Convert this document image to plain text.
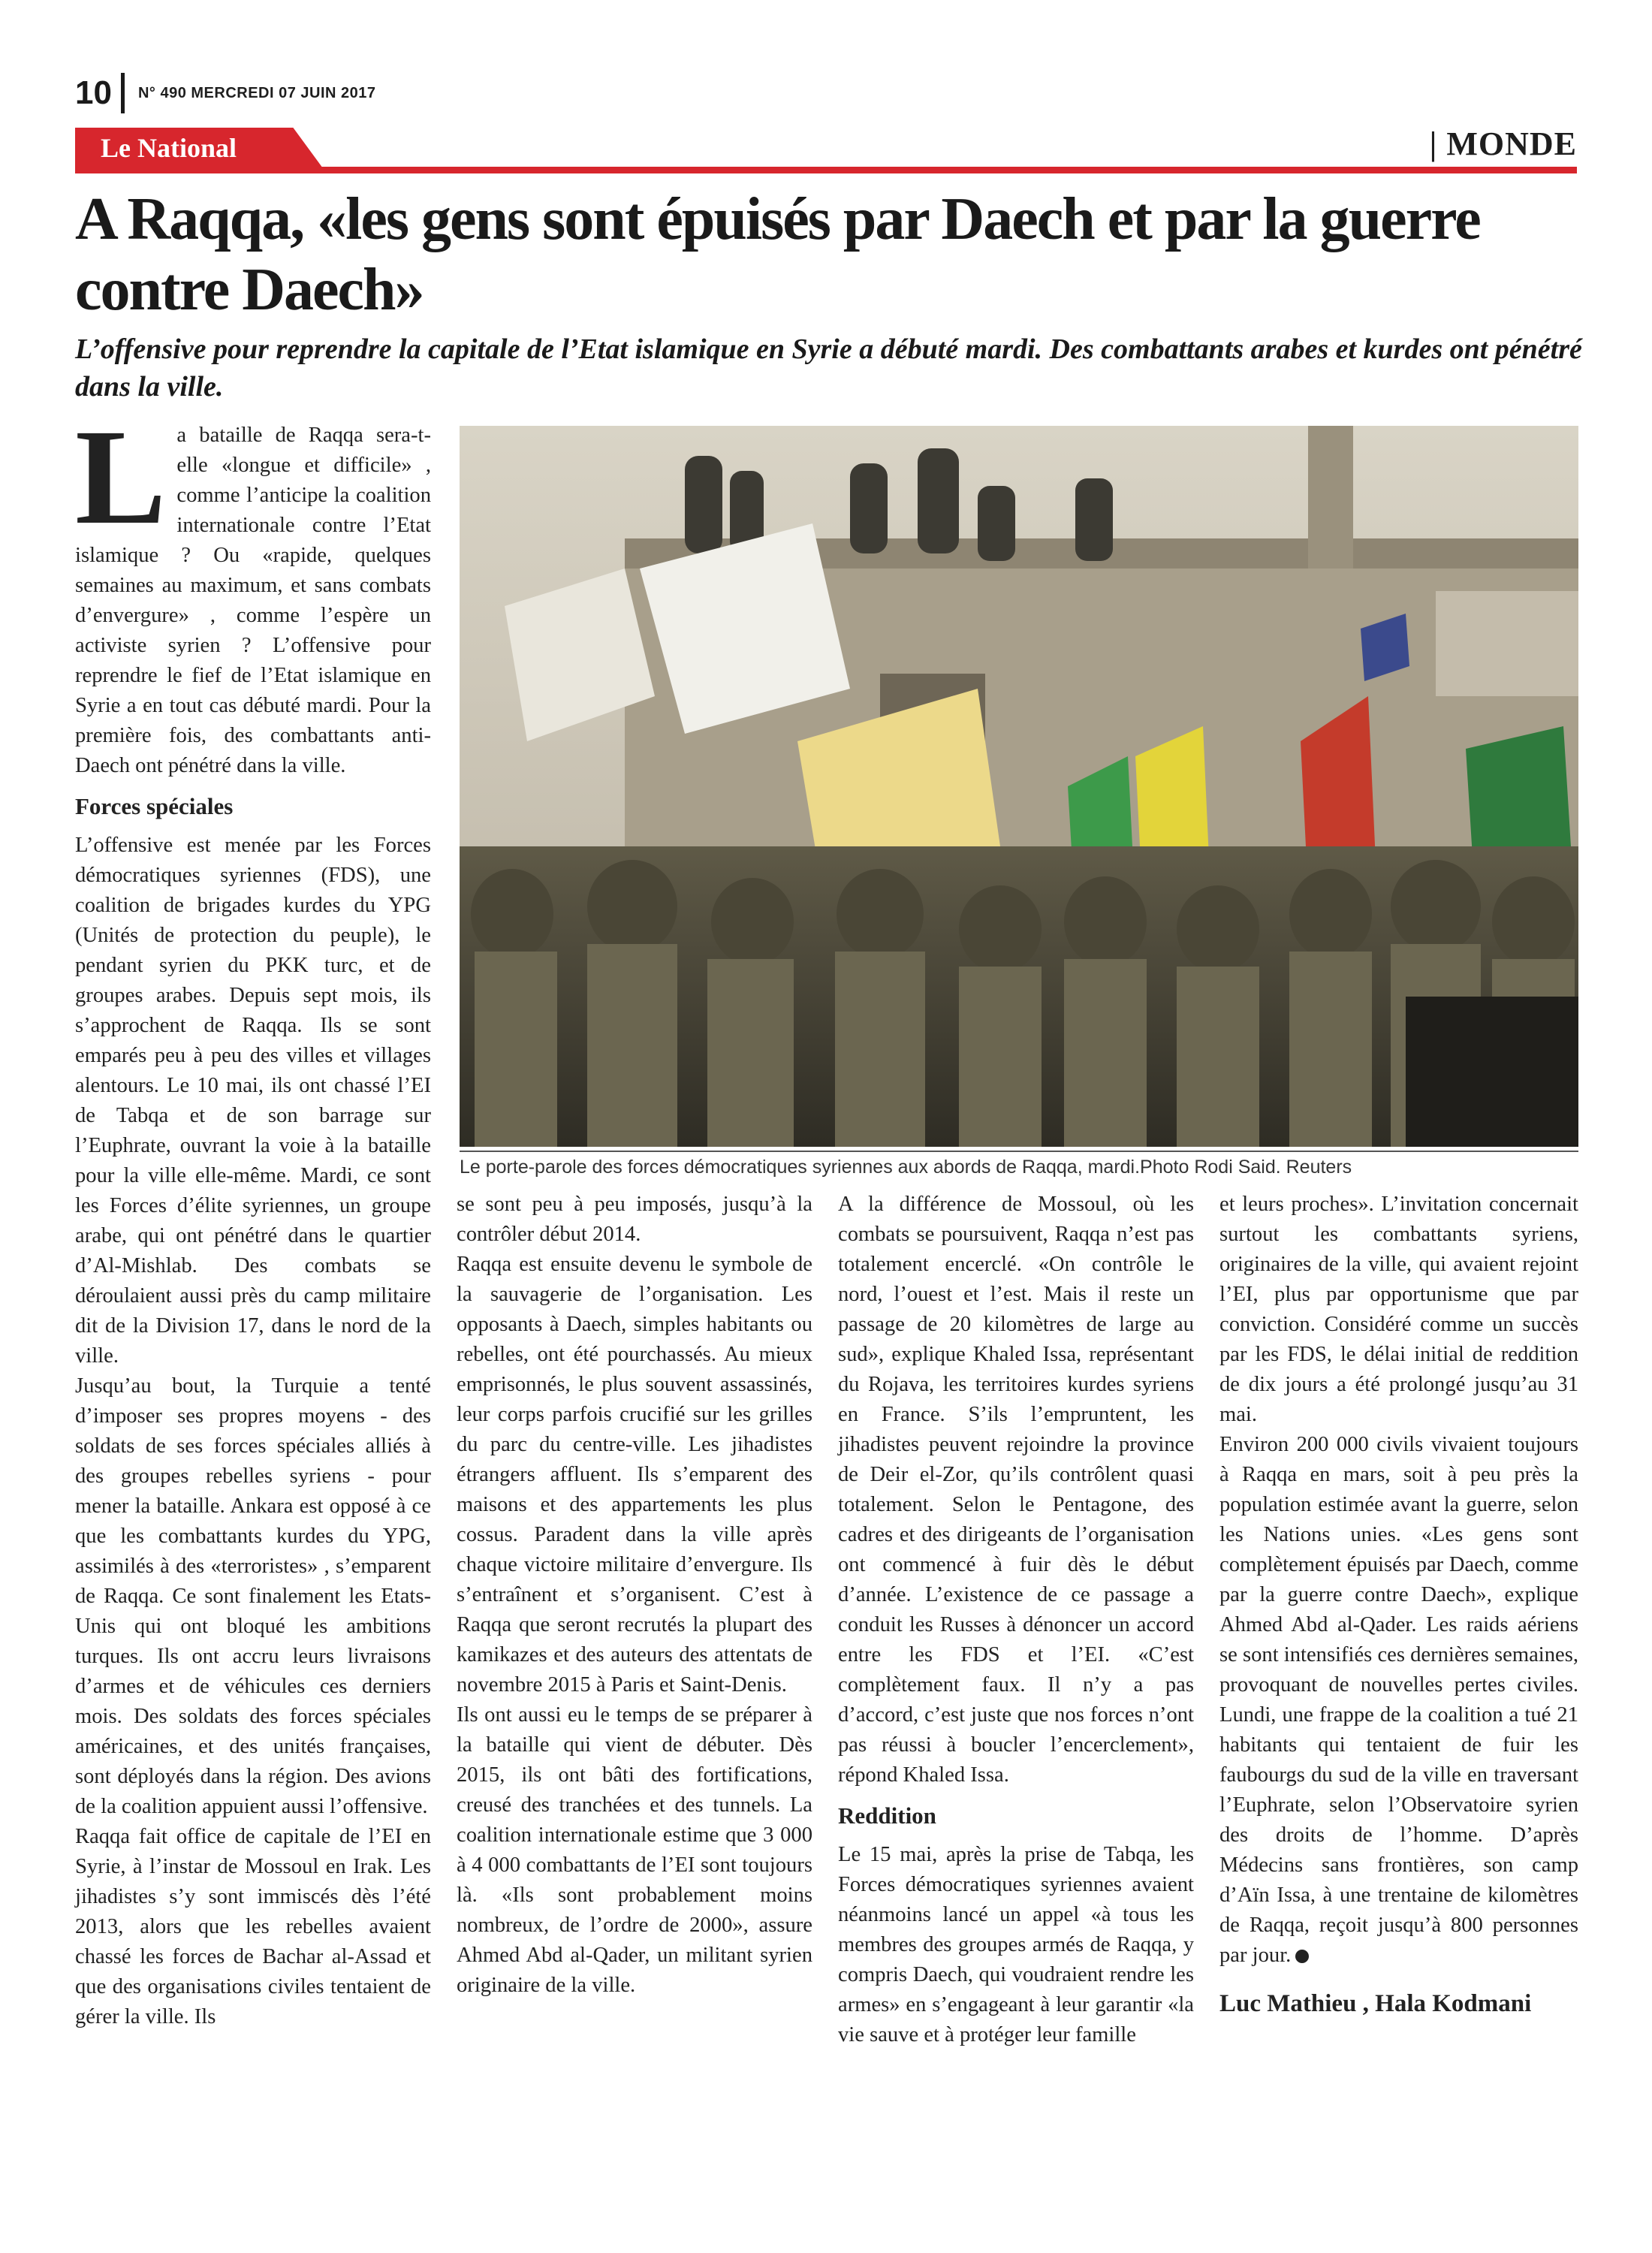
10 N° 490 MERCREDI 07 JUIN 2017
Le National	| MONDE
A Raqqa, «les gens sont épuisés par Daech et par la guerre contre Daech»

L’offensive pour reprendre la capitale de l’Etat islamique en Syrie a débuté mardi. Des combattants arabes et kurdes ont pénétré dans la ville.

La bataille de Raqqa sera-t-elle «longue et difficile» , comme l’anticipe la coalition internationale contre l’Etat islamique ? Ou «rapide, quelques semaines au maximum, et sans combats d’envergure» , comme l’espère un activiste syrien ? L’offensive pour reprendre le fief de l’Etat islamique en Syrie a en tout cas débuté mardi. Pour la première fois, des combattants anti-Daech ont pénétré dans la ville.

Forces spéciales

L’offensive est menée par les Forces démocratiques syriennes (FDS), une coalition de brigades kurdes du YPG (Unités de protection du peuple), le pendant syrien du PKK turc, et de groupes arabes. Depuis sept mois, ils s’approchent de Raqqa. Ils se sont emparés peu à peu des villes et villages alentours. Le 10 mai, ils ont chassé l’EI de Tabqa et de son barrage sur l’Euphrate, ouvrant la voie à la bataille pour la ville elle-même. Mardi, ce sont les Forces d’élite syriennes, un groupe arabe, qui ont pénétré dans le quartier d’Al-Mishlab. Des combats se déroulaient aussi près du camp militaire dit de la Division 17, dans le nord de la ville.

Jusqu’au bout, la Turquie a tenté d’imposer ses propres moyens - des soldats de ses forces spéciales alliés à des groupes rebelles syriens - pour mener la bataille. Ankara est opposé à ce que les combattants kurdes du YPG, assimilés à des «terroristes» , s’emparent de Raqqa. Ce sont finalement les Etats-Unis qui ont bloqué les ambitions turques. Ils ont accru leurs livraisons d’armes et de véhicules ces derniers mois. Des soldats des forces spéciales américaines, et des unités françaises, sont déployés dans la région. Des avions de la coalition appuient aussi l’offensive.

Raqqa fait office de capitale de l’EI en Syrie, à l’instar de Mossoul en Irak. Les jihadistes s’y sont immiscés dès l’été 2013, alors que les rebelles avaient chassé les forces de Bachar al-Assad et que des organisations civiles tentaient de gérer la ville. Ils

Le porte-parole des forces démocratiques syriennes aux abords de Raqqa, mardi.Photo Rodi Said. Reuters

se sont peu à peu imposés, jusqu’à la contrôler début 2014.

Raqqa est ensuite devenu le symbole de la sauvagerie de l’organisation. Les opposants à Daech, simples habitants ou rebelles, ont été pourchassés. Au mieux emprisonnés, le plus souvent assassinés, leur corps parfois crucifié sur les grilles du parc du centre-ville. Les jihadistes étrangers affluent. Ils s’emparent des maisons et des appartements les plus cossus. Paradent dans la ville après chaque victoire militaire d’envergure. Ils s’entraînent et s’organisent. C’est à Raqqa que seront recrutés la plupart des kamikazes et des auteurs des attentats de novembre 2015 à Paris et Saint-Denis.

Ils ont aussi eu le temps de se préparer à la bataille qui vient de débuter. Dès 2015, ils ont bâti des fortifications, creusé des tranchées et des tunnels. La coalition internationale estime que 3 000 à 4 000 combattants de l’EI sont toujours là. «Ils sont probablement moins nombreux, de l’ordre de 2000», assure Ahmed Abd al-Qader, un militant syrien originaire de la ville.

A la différence de Mossoul, où les combats se poursuivent, Raqqa n’est pas totalement encerclé. «On contrôle le nord, l’ouest et l’est. Mais il reste un passage de 20 kilomètres de large au sud», explique Khaled Issa, représentant du Rojava, les territoires kurdes syriens en France. S’ils l’empruntent, les jihadistes peuvent rejoindre la province de Deir el-Zor, qu’ils contrôlent quasi totalement. Selon le Pentagone, des cadres et des dirigeants de l’organisation ont commencé à fuir dès le début d’année. L’existence de ce passage a conduit les Russes à dénoncer un accord entre les FDS et l’EI. «C’est complètement faux. Il n’y a pas d’accord, c’est juste que nos forces n’ont pas réussi à boucler l’encerclement», répond Khaled Issa.

Reddition

Le 15 mai, après la prise de Tabqa, les Forces démocratiques syriennes avaient néanmoins lancé un appel «à tous les membres des groupes armés de Raqqa, y compris Daech, qui voudraient rendre les armes» en s’engageant à leur garantir «la vie sauve et à protéger leur famille

et leurs proches». L’invitation concernait surtout les combattants syriens, originaires de la ville, qui avaient rejoint l’EI, plus par opportunisme que par conviction. Considéré comme un succès par les FDS, le délai initial de reddition de dix jours a été prolongé jusqu’au 31 mai.

Environ 200 000 civils vivaient toujours à Raqqa en mars, soit à peu près la population estimée avant la guerre, selon les Nations unies. «Les gens sont complètement épuisés par Daech, comme par la guerre contre Daech», explique Ahmed Abd al-Qader. Les raids aériens se sont intensifiés ces dernières semaines, provoquant de nouvelles pertes civiles. Lundi, une frappe de la coalition a tué 21 habitants qui tentaient de fuir les faubourgs du sud de la ville en traversant l’Euphrate, selon l’Observatoire syrien des droits de l’homme. D’après Médecins sans frontières, son camp d’Aïn Issa, à une trentaine de kilomètres de Raqqa, reçoit jusqu’à 800 personnes par jour.

Luc Mathieu , Hala Kodmani
